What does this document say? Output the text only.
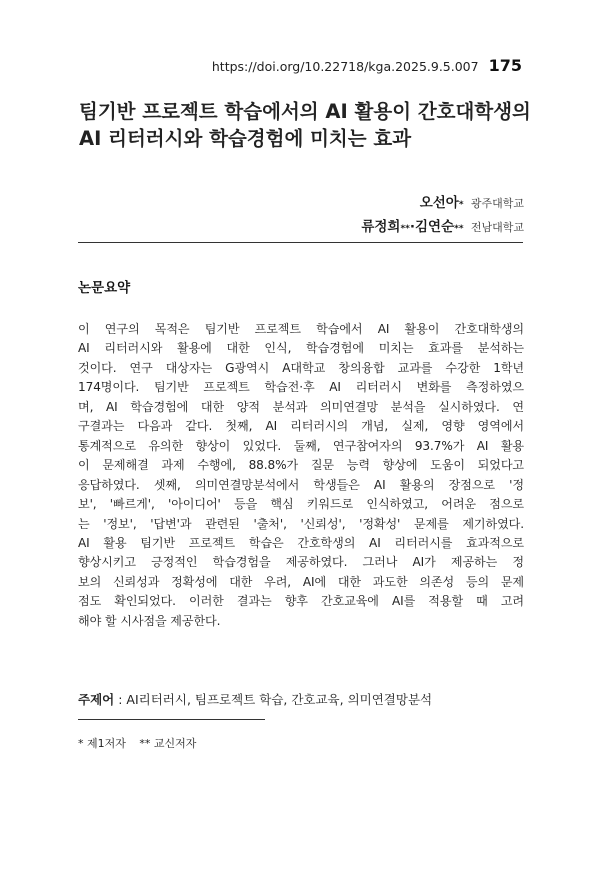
https://doi.org/10.22718/kga.2025.9.5.007 175
팀기반 프로젝트 학습에서의 AI 활용이 간호대학생의
AI 리터러시와 학습경험에 미치는 효과
오선아* 광주대학교
류정희**·김연순** 전남대학교
논문요약
이 연구의 목적은 팀기반 프로젝트 학습에서 AI 활용이 간호대학생의
AI 리터러시와 활용에 대한 인식, 학습경험에 미치는 효과를 분석하는
것이다. 연구 대상자는 G광역시 A대학교 창의융합 교과를 수강한 1학년
174명이다. 팀기반 프로젝트 학습전·후 AI 리터러시 변화를 측정하였으
며, AI 학습경험에 대한 양적 분석과 의미연결망 분석을 실시하였다. 연
구결과는 다음과 같다. 첫째, AI 리터러시의 개념, 실제, 영향 영역에서
통계적으로 유의한 향상이 있었다. 둘째, 연구참여자의 93.7%가 AI 활용
이 문제해결 과제 수행에, 88.8%가 질문 능력 향상에 도움이 되었다고
응답하였다. 셋째, 의미연결망분석에서 학생들은 AI 활용의 장점으로 '정
보', '빠르게', '아이디어' 등을 핵심 키워드로 인식하였고, 어려운 점으로
는 '정보', '답변'과 관련된 '출처', '신뢰성', '정확성' 문제를 제기하였다.
AI 활용 팀기반 프로젝트 학습은 간호학생의 AI 리터러시를 효과적으로
향상시키고 긍정적인 학습경험을 제공하였다. 그러나 AI가 제공하는 정
보의 신뢰성과 정확성에 대한 우려, AI에 대한 과도한 의존성 등의 문제
점도 확인되었다. 이러한 결과는 향후 간호교육에 AI를 적용할 때 고려
해야 할 시사점을 제공한다.
주제어 : AI리터러시, 팀프로젝트 학습, 간호교육, 의미연결망분석
* 제1저자 ** 교신저자
